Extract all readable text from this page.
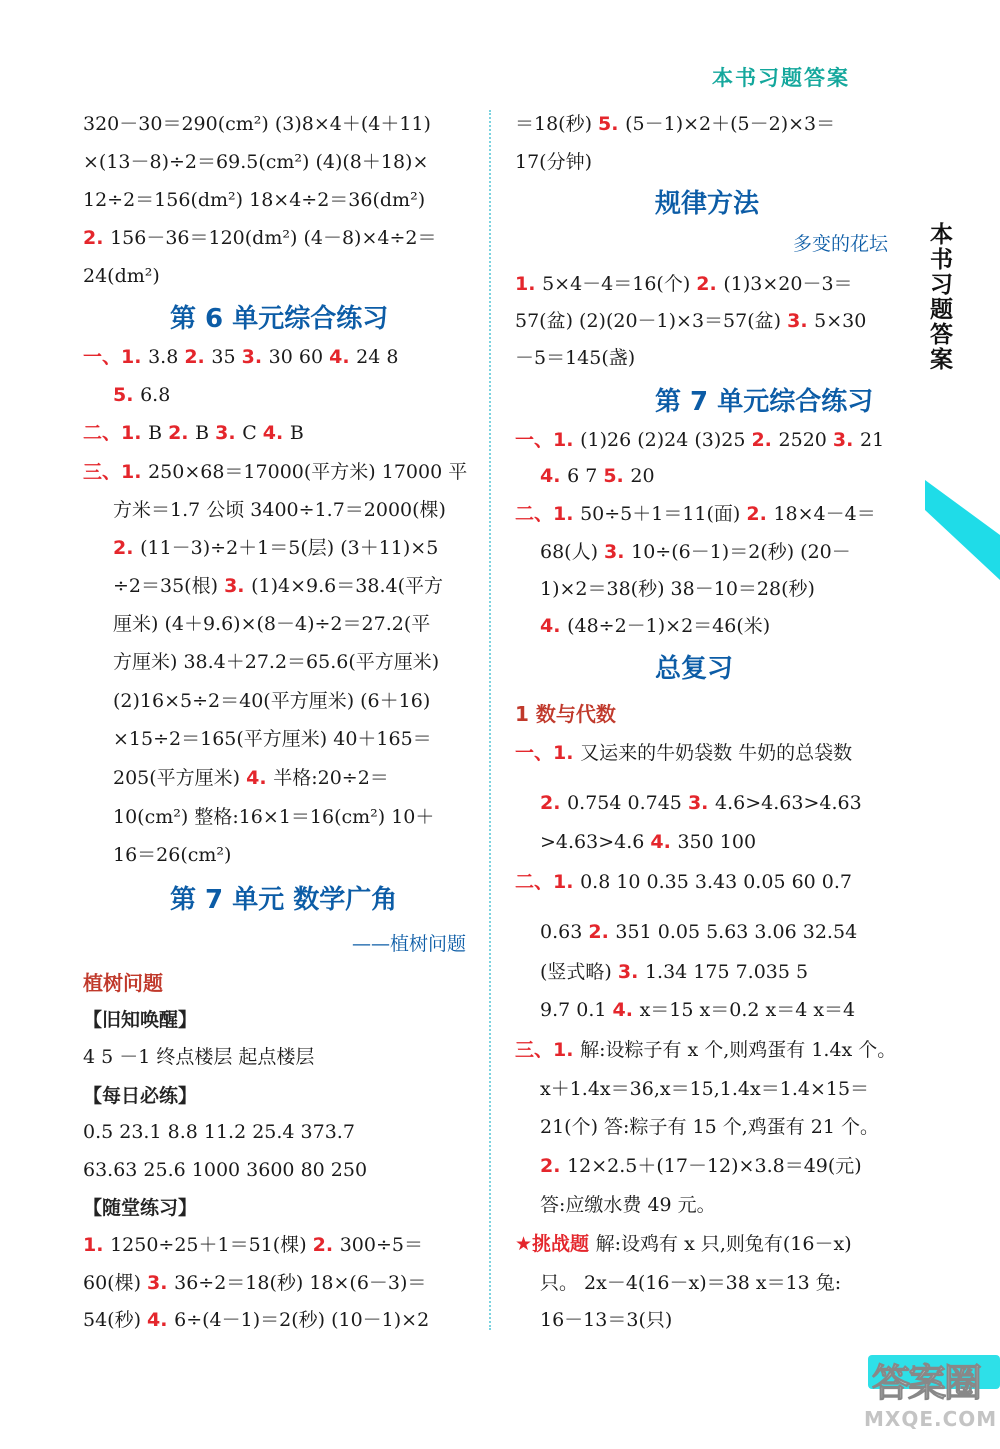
本书习题答案
本书习题答案
320－30＝290(cm²) (3)8×4＋(4＋11)
×(13－8)÷2＝69.5(cm²) (4)(8＋18)×
12÷2＝156(dm²) 18×4÷2＝36(dm²)
2. 156－36＝120(dm²) (4－8)×4÷2＝
24(dm²)
第 6 单元综合练习
一、1. 3.8 2. 35 3. 30 60 4. 24 8
5. 6.8
二、1. B 2. B 3. C 4. B
三、1. 250×68＝17000(平方米) 17000 平
方米＝1.7 公顷 3400÷1.7＝2000(棵)
2. (11－3)÷2＋1＝5(层) (3＋11)×5
÷2＝35(根) 3. (1)4×9.6＝38.4(平方
厘米) (4＋9.6)×(8－4)÷2＝27.2(平
方厘米) 38.4＋27.2＝65.6(平方厘米)
(2)16×5÷2＝40(平方厘米) (6＋16)
×15÷2＝165(平方厘米) 40＋165＝
205(平方厘米) 4. 半格:20÷2＝
10(cm²) 整格:16×1＝16(cm²) 10＋
16＝26(cm²)
第 7 单元 数学广角
——植树问题
植树问题
【旧知唤醒】
4 5 －1 终点楼层 起点楼层
【每日必练】
0.5 23.1 8.8 11.2 25.4 373.7
63.63 25.6 1000 3600 80 250
【随堂练习】
1. 1250÷25＋1＝51(棵) 2. 300÷5＝
60(棵) 3. 36÷2＝18(秒) 18×(6－3)＝
54(秒) 4. 6÷(4－1)＝2(秒) (10－1)×2
＝18(秒) 5. (5－1)×2＋(5－2)×3＝
17(分钟)
规律方法
多变的花坛
1. 5×4－4＝16(个) 2. (1)3×20－3＝
57(盆) (2)(20－1)×3＝57(盆) 3. 5×30
－5＝145(盏)
第 7 单元综合练习
一、1. (1)26 (2)24 (3)25 2. 2520 3. 21
4. 6 7 5. 20
二、1. 50÷5＋1＝11(面) 2. 18×4－4＝
68(人) 3. 10÷(6－1)＝2(秒) (20－
1)×2＝38(秒) 38－10＝28(秒)
4. (48÷2－1)×2＝46(米)
总复习
1 数与代数
一、1. 又运来的牛奶袋数 牛奶的总袋数
2. 0.754 0.745 3. 4.6>4.63>4.63
>4.63>4.6 4. 350 100
二、1. 0.8 10 0.35 3.43 0.05 60 0.7
0.63 2. 351 0.05 5.63 3.06 32.54
(竖式略) 3. 1.34 175 7.035 5
9.7 0.1 4. x＝15 x＝0.2 x＝4 x＝4
三、1. 解:设粽子有 x 个,则鸡蛋有 1.4x 个。
x＋1.4x＝36,x＝15,1.4x＝1.4×15＝
21(个) 答:粽子有 15 个,鸡蛋有 21 个。
2. 12×2.5＋(17－12)×3.8＝49(元)
答:应缴水费 49 元。
★挑战题 解:设鸡有 x 只,则兔有(16－x)
只。 2x－4(16－x)＝38 x＝13 兔:
16－13＝3(只)
答案圈
MXQE.COM
